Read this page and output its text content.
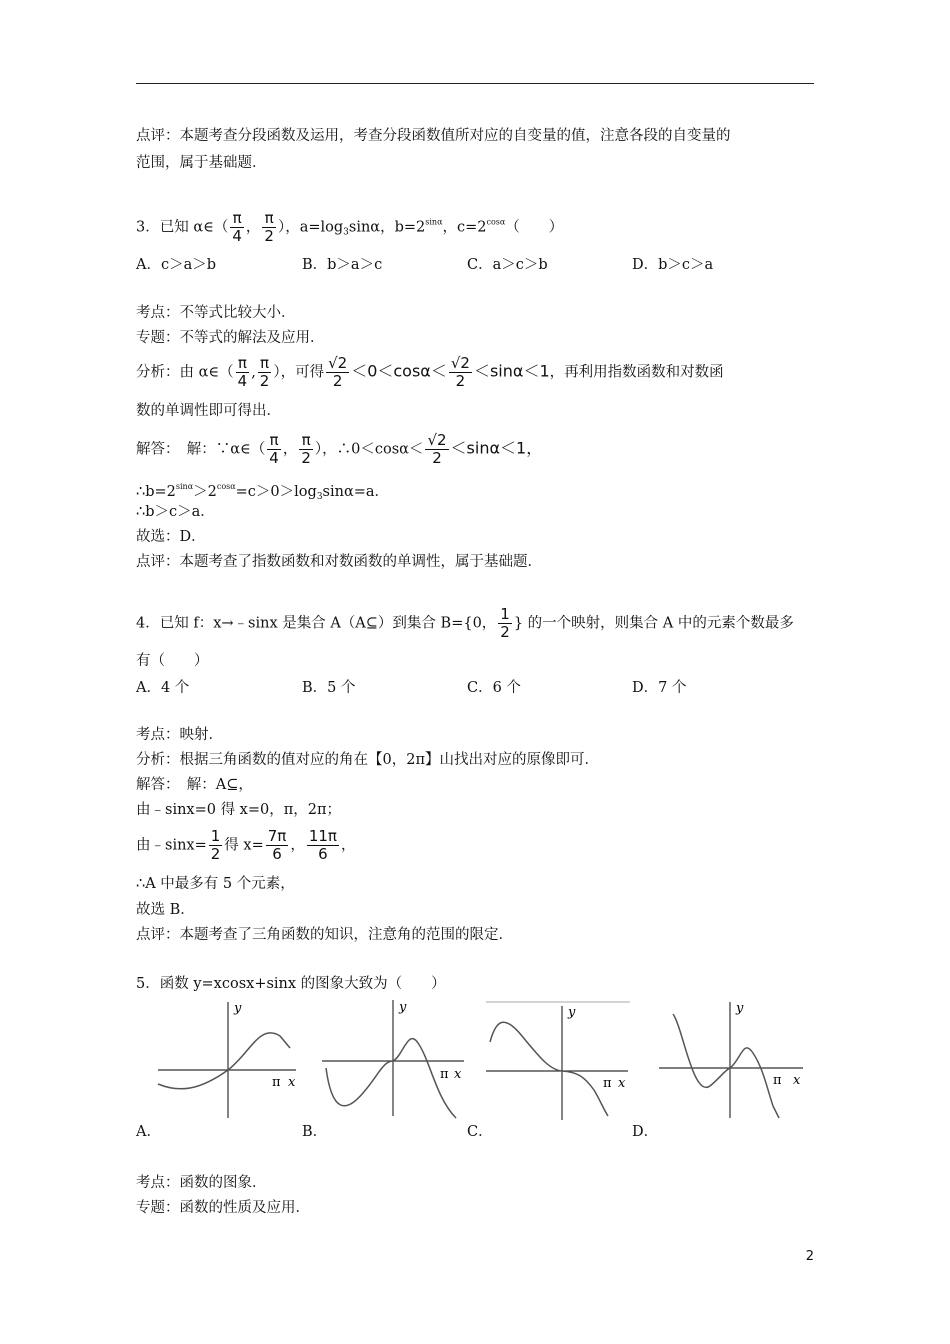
点评：本题考查分段函数及运用，考查分段函数值所对应的自变量的值，注意各段的自变量的
范围，属于基础题．
3．已知 α∈（ $\frac{\pi}{4}$ ， $\frac{\pi}{2}$ ），$a=\log_3\sin\alpha$，$b=2^{sin\alpha}$，$c=2^{cos\alpha}$（　　）
A．c＞a＞b	B．b＞a＞c	C．a＞c＞b	D．b＞c＞a
考点：不等式比较大小．
专题：不等式的解法及应用．
分析：由 α∈（ $\frac{\pi}{4}$ , $\frac{\pi}{2}$ ），可得 $\frac{√2}{2} <0<\cos\alpha< \frac{√2}{2} <\sin\alpha<1$，再利用指数函数和对数函
数的单调性即可得出．
解答：　解：∵α∈（ $\frac{\pi}{4}$ ， $\frac{\pi}{2}$ ），∴0＜cosα＜ $\frac{√2}{2} <\sin\alpha<1$，
$\therefore b=2^{sin\alpha}>2^{cos\alpha}=c>0>\log_3\sin\alpha=a$．
∴b＞c＞a．
故选：D．
点评：本题考查了指数函数和对数函数的单调性，属于基础题．
4．已知 f：x→﹣sinx 是集合 A（A⊆）到集合 B={0， $\frac{1}{2}$ } 的一个映射，则集合 A 中的元素个数最多
有（　　）
A．4 个	B．5 个	C．6 个	D．7 个
考点：映射．
分析：根据三角函数的值对应的角在【0，2π】山找出对应的原像即可．
解答：　解：A⊆，
由﹣sinx=0 得 x=0，π，2π；
由﹣sinx= $\frac{1}{2}$ 得 $x= \frac{7\pi}{6}$ ， $\frac{11\pi}{6}$ ，
∴A 中最多有 5 个元素，
故选 B．
点评：本题考查了三角函数的知识，注意角的范围的限定．
5．函数 y=xcosx+sinx 的图象大致为（　　）
y
π x
y
π x
y
π x
y
π x
A．	B．	C．	D．
考点：函数的图象．
专题：函数的性质及应用．
2
